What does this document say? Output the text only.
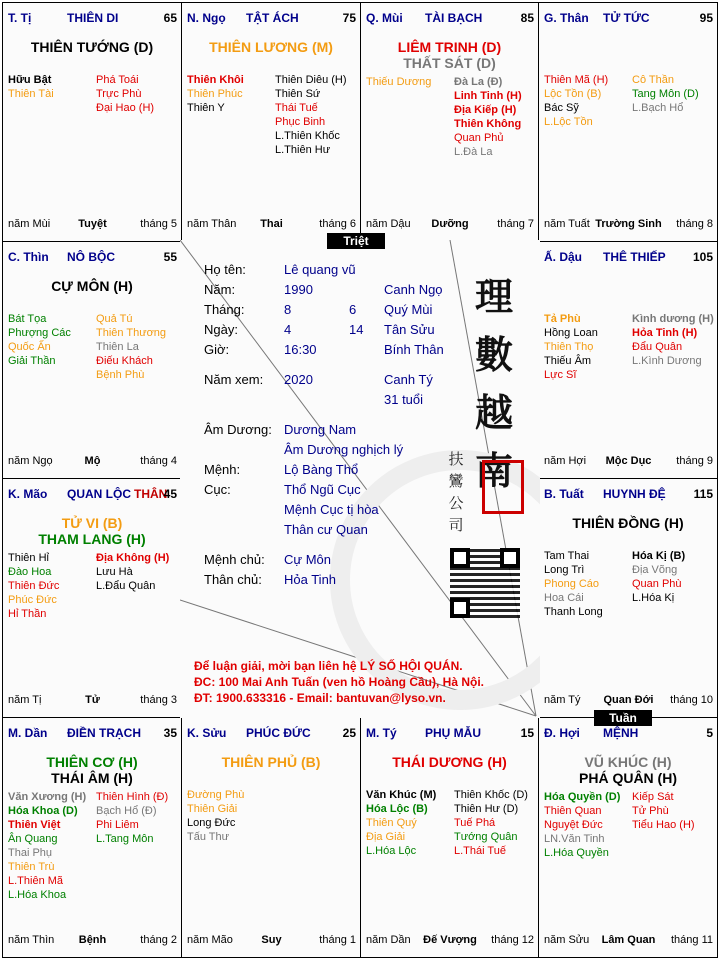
T. Tị	THIÊN DI	65
THIÊN TƯỚNG (D)
Hữu Bật
Thiên Tài
Phá Toái
Trực Phù
Đại Hao (H)
năm Mùi	Tuyệt	tháng 5
N. Ngọ TẬT ÁCH	75
THIÊN LƯƠNG (M)
Thiên Khôi
Thiên Phúc
Thiên Y
Thiên Diêu (H)
Thiên Sứ
Thái Tuế
Phục Binh
L.Thiên Khốc
L.Thiên Hư
năm Thân	Thai	tháng 6
Q. Mùi TÀI BẠCH	85
LIÊM TRINH (D)
THẤT SÁT (D)
Thiếu Dương Đà La (Đ)
Linh Tinh (H)
Địa Kiếp (H)
Thiên Không
Quan Phủ
L.Đà La
năm Dậu	Dưỡng	tháng 7
G. Thân TỬ TỨC	95
Thiên Mã (H)
Lộc Tồn (B)
Bác Sỹ
L.Lộc Tồn
Cô Thần
Tang Môn (D)
L.Bạch Hổ
năm Tuất Trường Sinh	tháng 8
C. Thìn NÔ BỘC	55
CỰ MÔN (H)
Bát Tọa
Phượng Các
Quốc Ấn
Giải Thần
Quả Tú
Thiên Thương
Thiên La
Điếu Khách
Bệnh Phù
năm Ngọ	Mộ	tháng 4
Ấ. Dậu THÊ THIẾP 105
Tả Phù
Hồng Loan
Thiên Thọ
Thiếu Âm
Lực Sĩ
Kình dương (H)
Hỏa Tinh (H)
Đẩu Quân
L.Kình Dương
năm Hợi	Mộc Dục	tháng 9
K. Mão QUAN LỘC THÂN
45
TỬ VI (B)
THAM LANG (H)
Thiên Hỉ
Đào Hoa
Thiên Đức
Phúc Đức
Hỉ Thần
Địa Không (H)
Lưu Hà
L.Đẩu Quân
năm Tị	Tử	tháng 3
B. Tuất HUYNH ĐỆ 115
THIÊN ĐỒNG (H)
Tam Thai
Long Trì
Phong Cáo
Hoa Cái
Thanh Long
Hóa Kị (B)
Địa Võng
Quan Phù
L.Hóa Kị
năm Tý	Quan Đới	tháng 10
M. Dần ĐIỀN TRẠCH 35
THIÊN CƠ (H)
THÁI ÂM (H)
Văn Xương (H)
Hóa Khoa (D)
Thiên Việt
Ân Quang
Thai Phụ
Thiên Trù
L.Thiên Mã
L.Hóa Khoa
Thiên Hình (Đ)
Bạch Hổ (Đ)
Phi Liêm
L.Tang Môn
năm Thìn	Bệnh	tháng 2
K. Sửu PHÚC ĐỨC	25
THIÊN PHỦ (B)
Đường Phù
Thiên Giải
Long Đức
Tấu Thư
năm Mão	Suy	tháng 1
M. Tý PHỤ MẪU	15
THÁI DƯƠNG (H)
Văn Khúc (M)
Hóa Lộc (B)
Thiên Quý
Địa Giải
L.Hóa Lộc
Thiên Khốc (D)
Thiên Hư (D)
Tuế Phá
Tướng Quân
L.Thái Tuế
năm Dần	Đế Vượng	tháng 12
Đ. Hợi MỆNH	5
VŨ KHÚC (H)
PHÁ QUÂN (H)
Hóa Quyền (D)
Thiên Quan
Nguyệt Đức
LN.Văn Tinh
L.Hóa Quyền
Kiếp Sát
Tử Phù
Tiểu Hao (H)
năm Sửu	Lâm Quan	tháng 11
Họ tên:	Lê quang vũ
Năm:	1990	Canh Ngọ
Tháng:	8	6 Quý Mùi
Ngày:	4	14 Tân Sửu
Giờ:	16:30	Bính Thân
Năm xem: 2020	Canh Tý
31 tuổi
Âm Dương: Dương Nam
Âm Dương nghịch lý
Mệnh:	Lộ Bàng Thổ
Cục:	Thổ Ngũ Cục
Mệnh Cục tị hòa
Thân cư Quan
Mệnh chủ: Cự Môn
Thân chủ: Hỏa Tinh
理數越南
扶鸞公司
Để luận giải, mời bạn liên hệ LÝ SỐ HỘI QUÁN.
ĐC: 100 Mai Anh Tuấn (ven hồ Hoàng Cầu), Hà Nội.
ĐT: 1900.633316 - Email: bantuvan@lyso.vn.
Triệt
Tuần
